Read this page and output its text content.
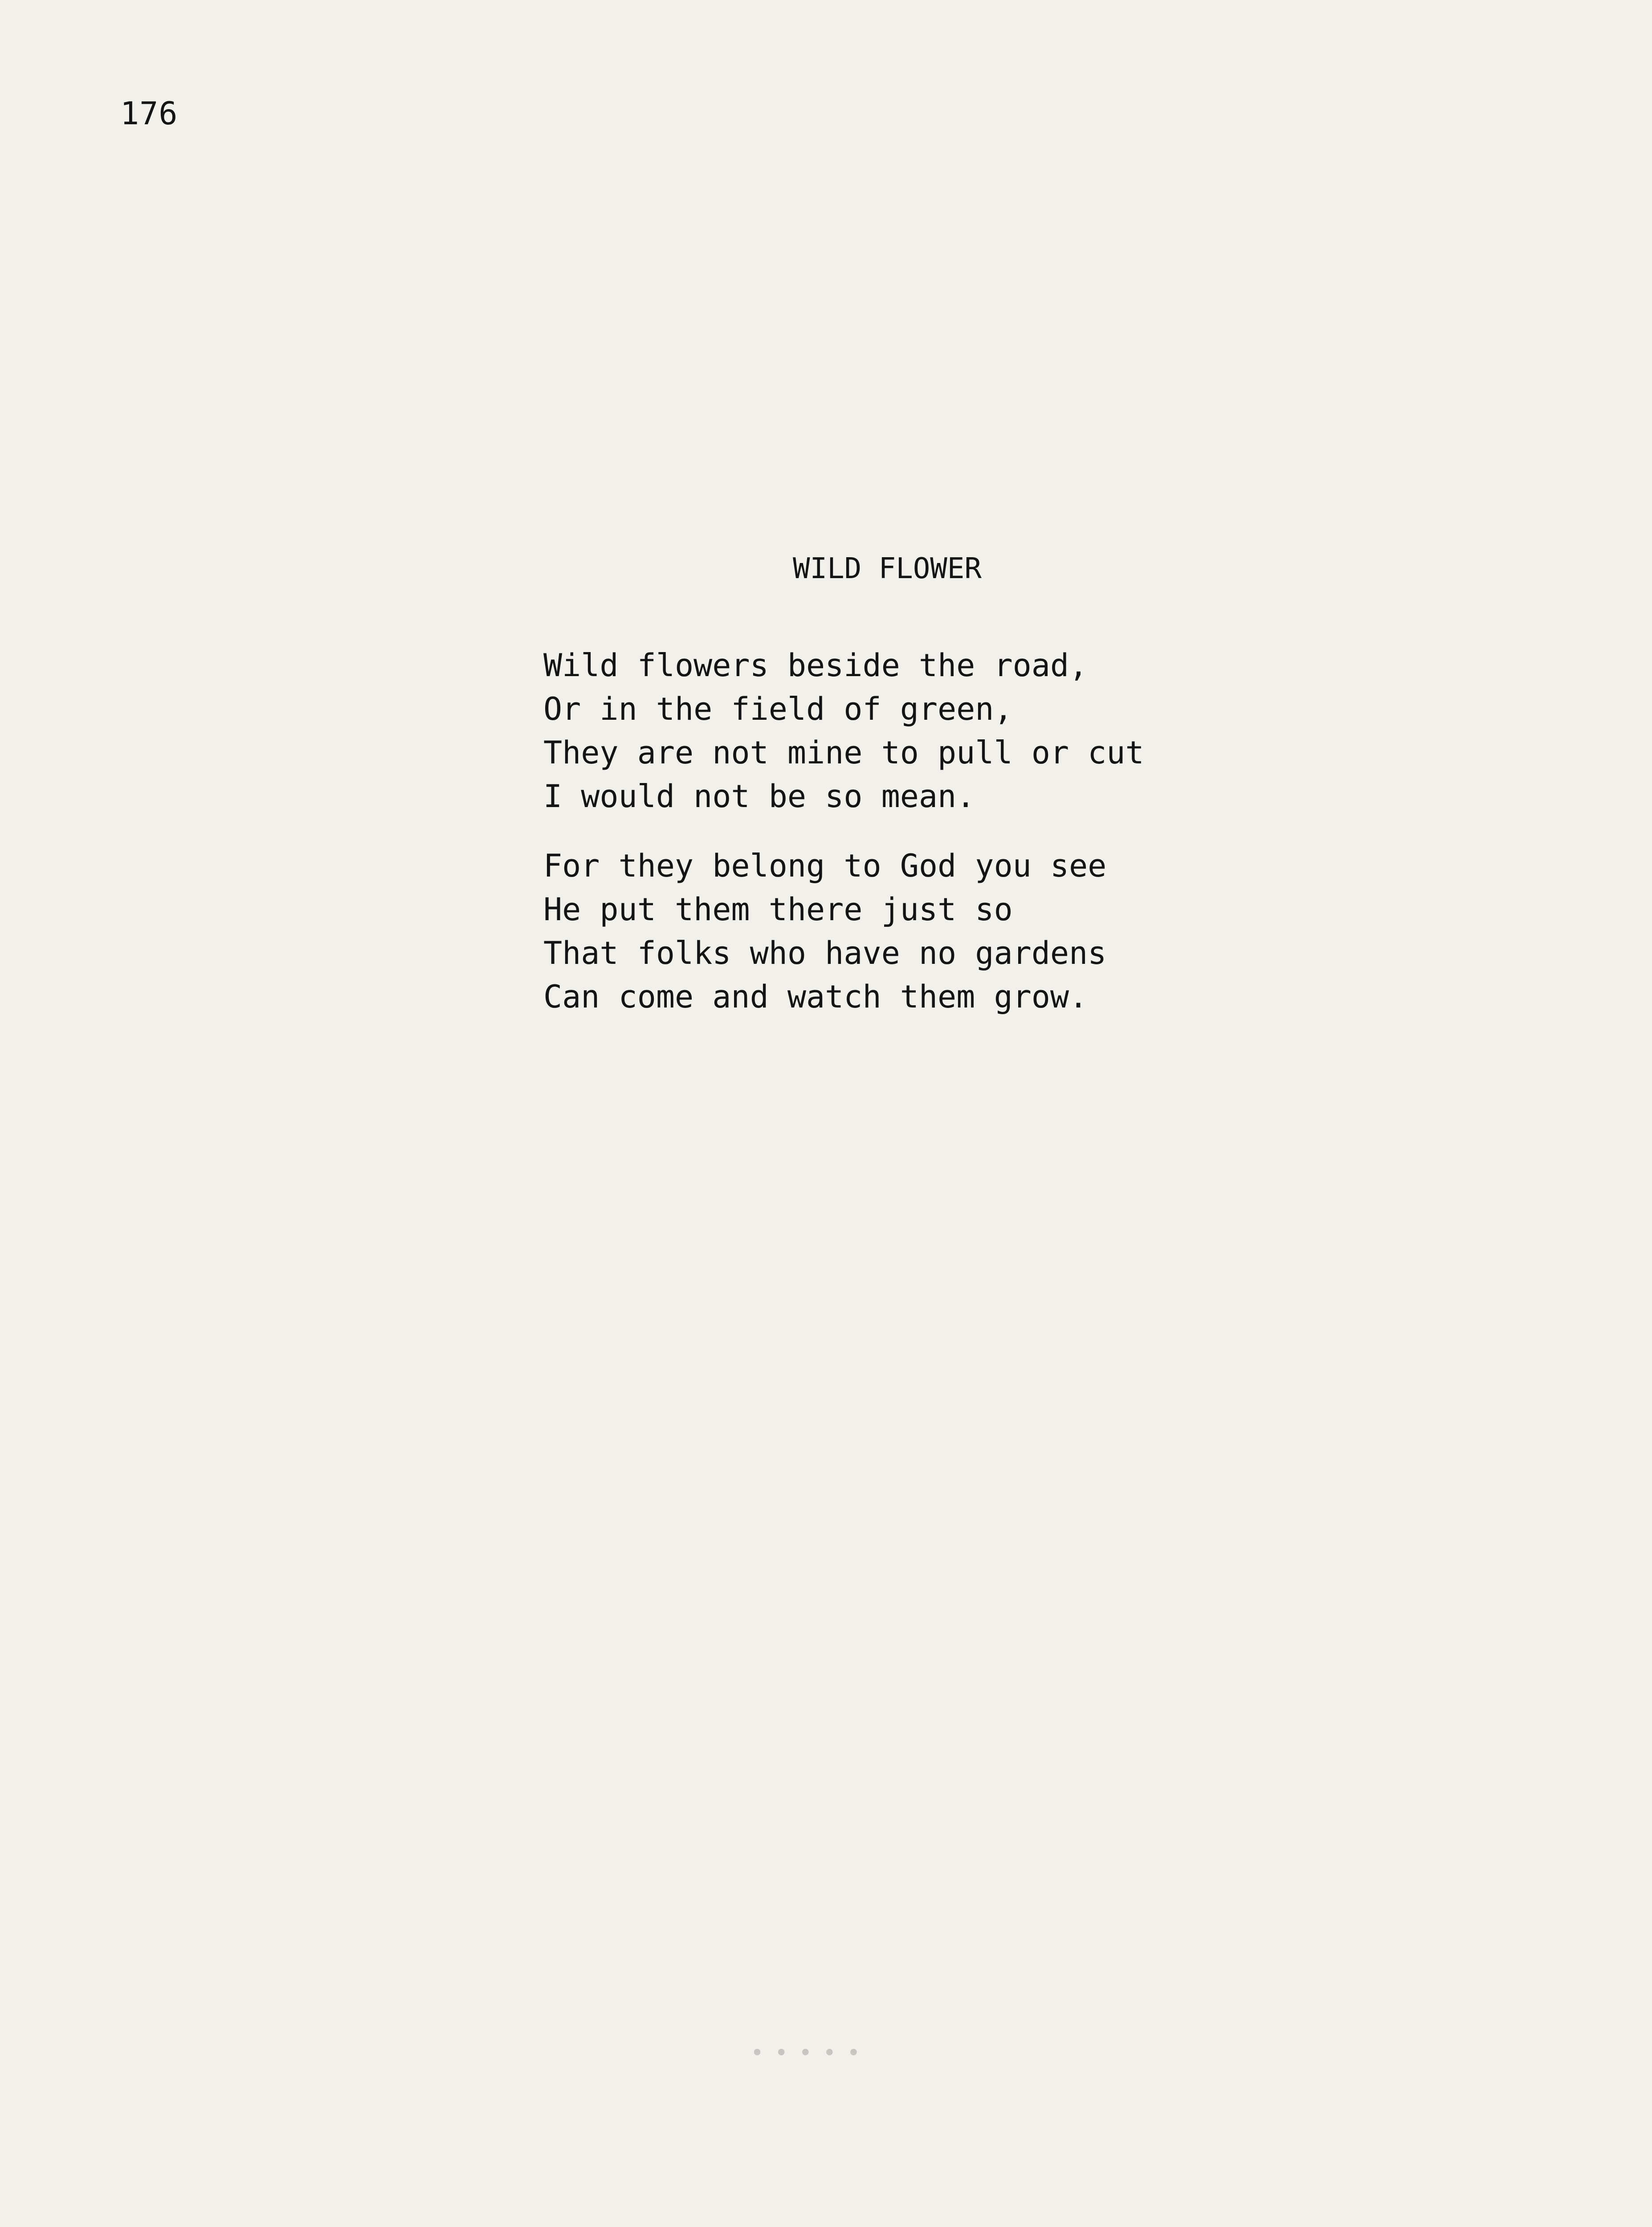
176
WILD FLOWER
Wild flowers beside the road,
Or in the field of green,
They are not mine to pull or cut
I would not be so mean.
For they belong to God you see
He put them there just so
That folks who have no gardens
Can come and watch them grow.
•••••
